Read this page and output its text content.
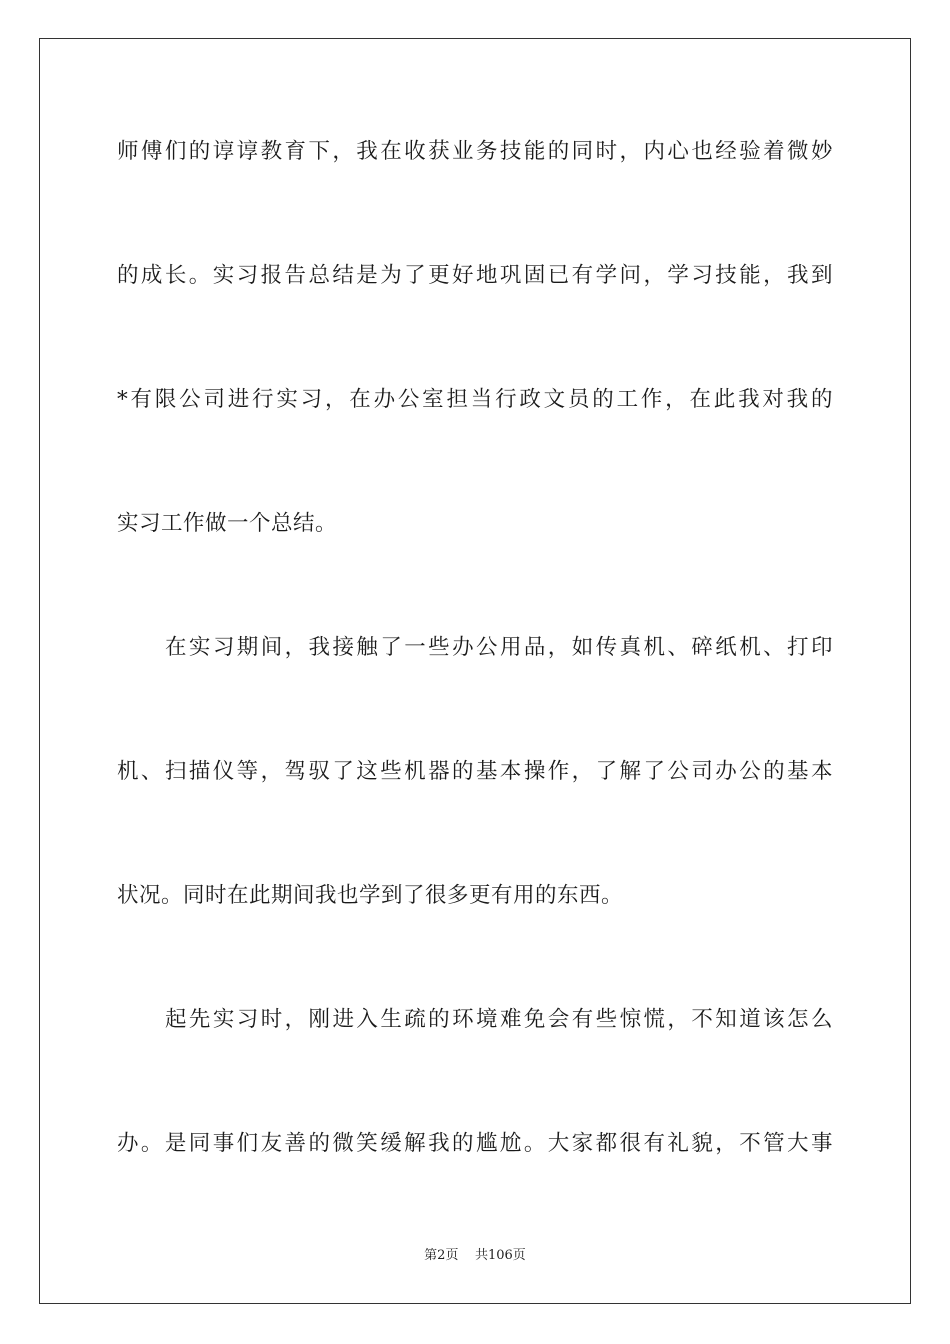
师傅们的谆谆教育下，我在收获业务技能的同时，内心也经验着微妙
的成长。实习报告总结是为了更好地巩固已有学问，学习技能，我到
*有限公司进行实习，在办公室担当行政文员的工作，在此我对我的
实习工作做一个总结。
在实习期间，我接触了一些办公用品，如传真机、碎纸机、打印
机、扫描仪等，驾驭了这些机器的基本操作，了解了公司办公的基本
状况。同时在此期间我也学到了很多更有用的东西。
起先实习时，刚进入生疏的环境难免会有些惊慌，不知道该怎么
办。是同事们友善的微笑缓解我的尴尬。大家都很有礼貌，不管大事
第2页 共106页
